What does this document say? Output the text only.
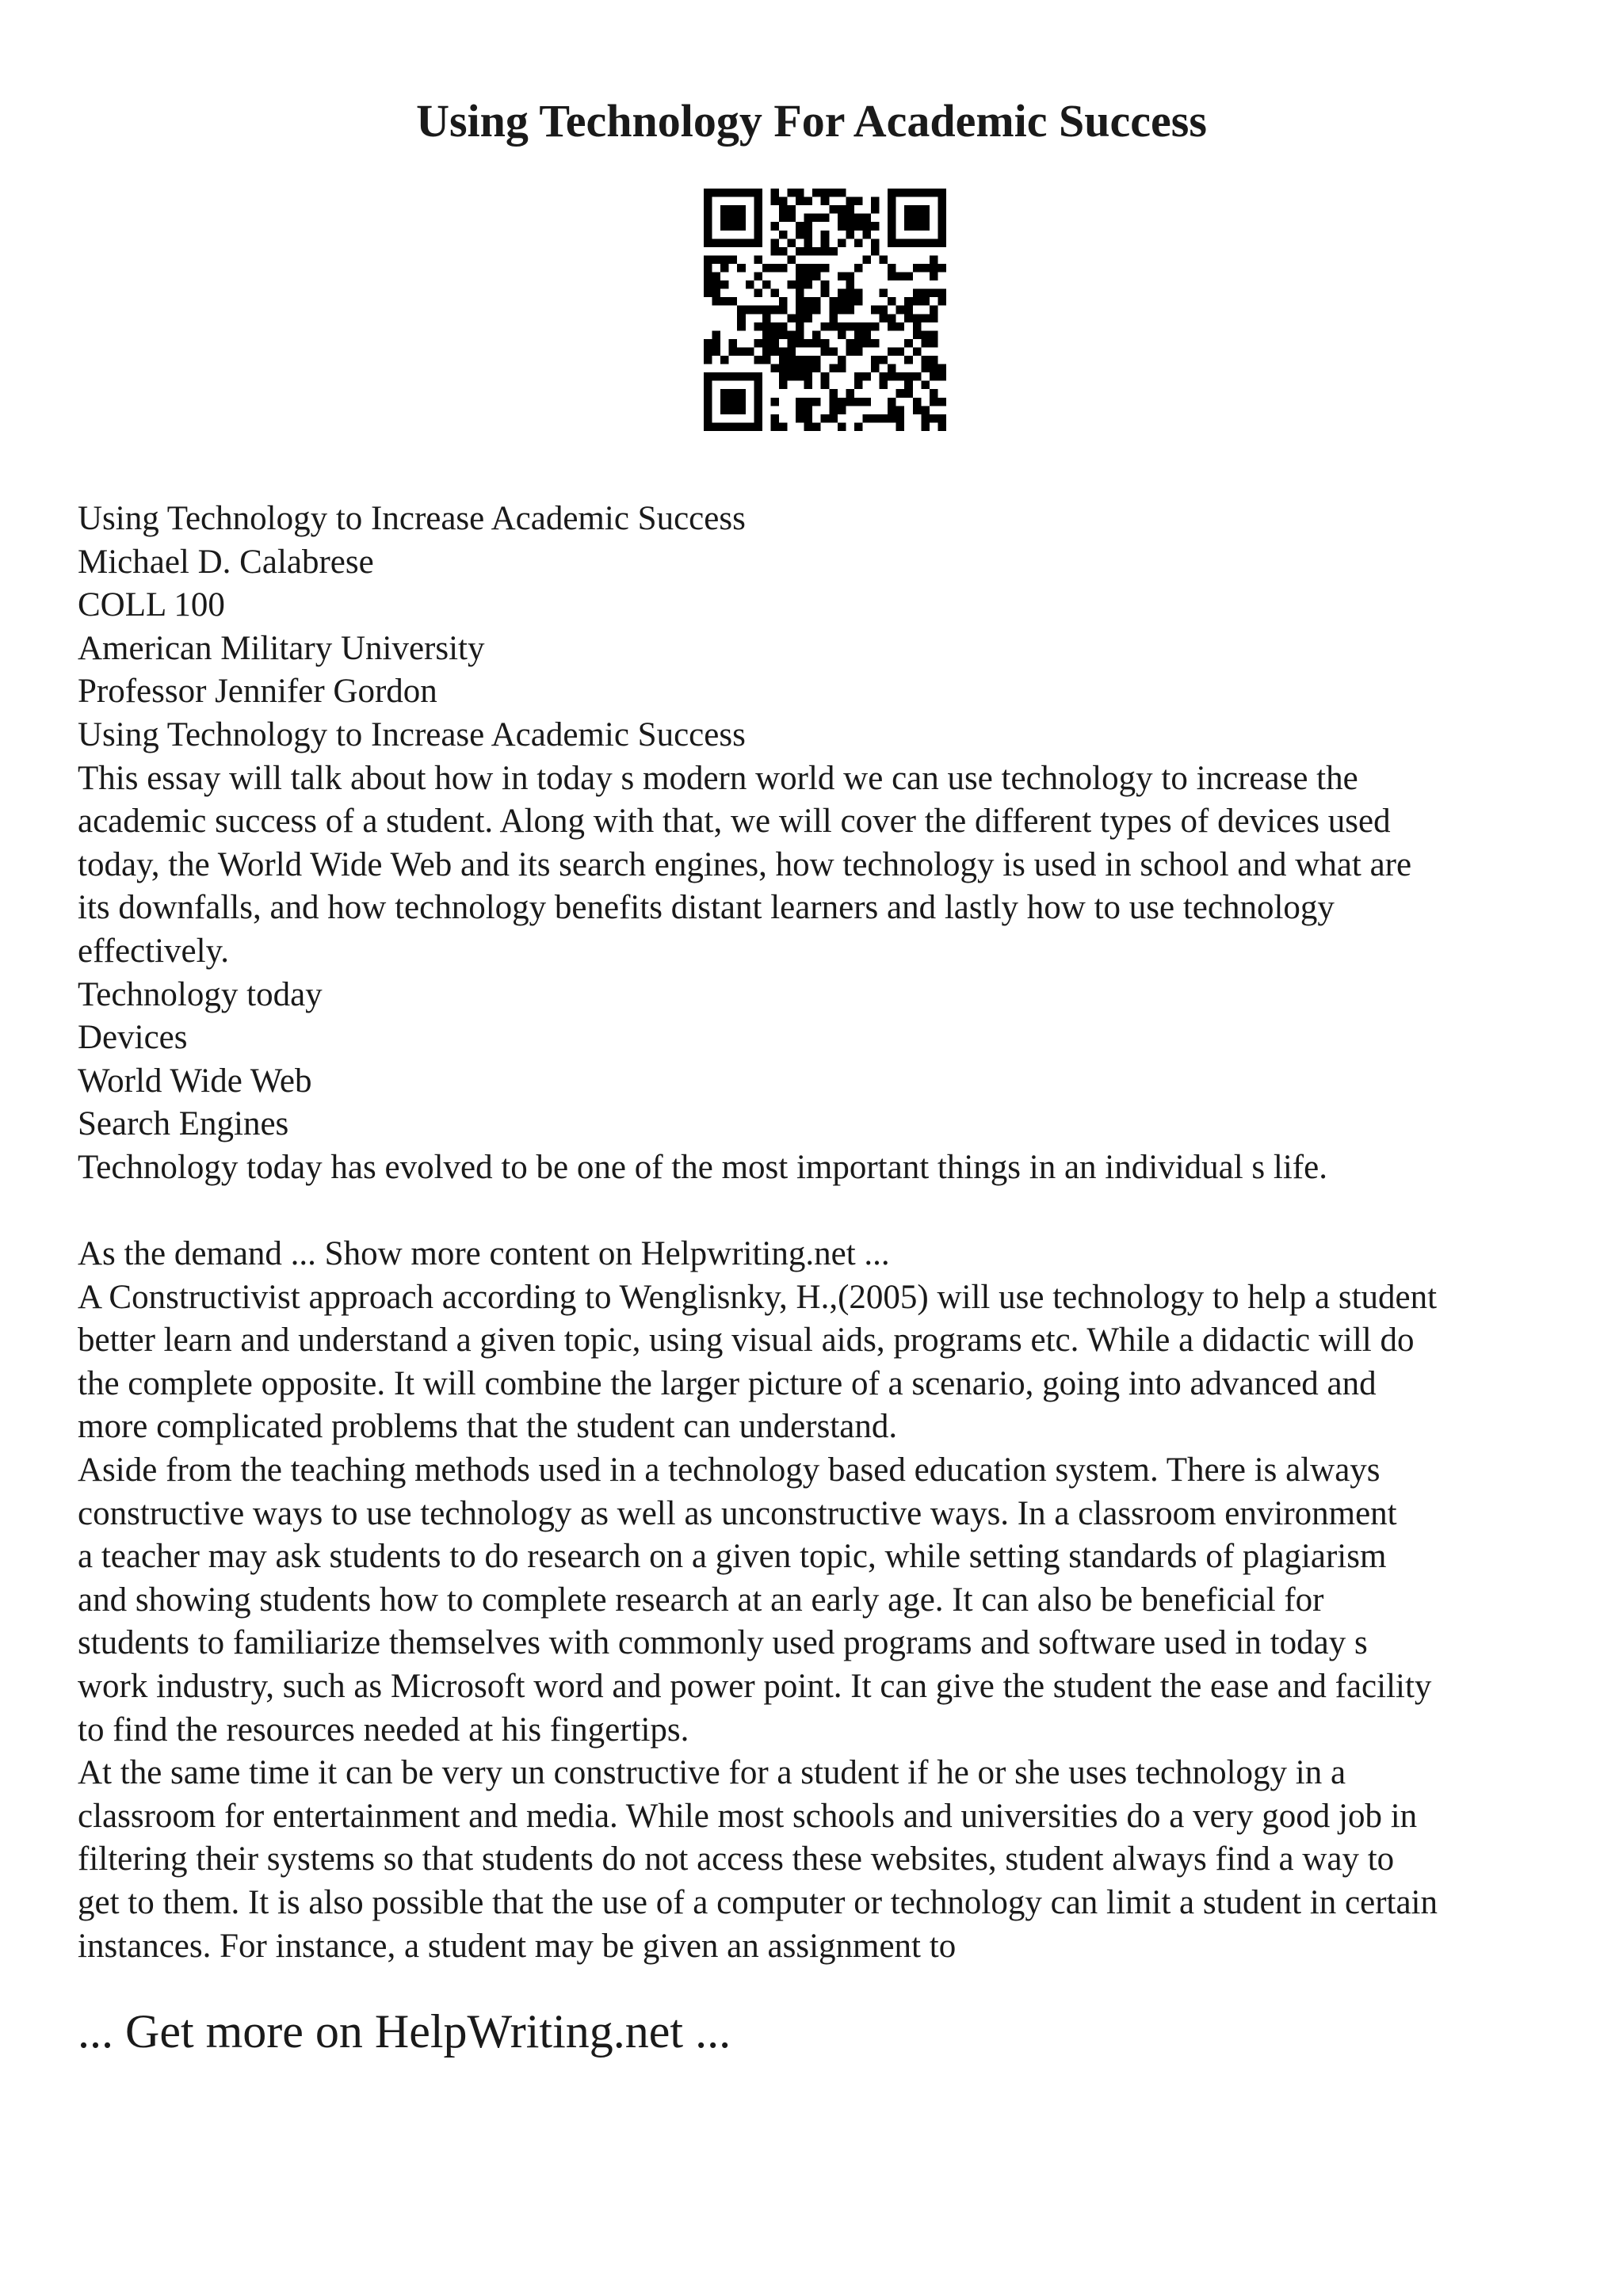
Using Technology For Academic Success
Using Technology to Increase Academic Success
Michael D. Calabrese
COLL 100
American Military University
Professor Jennifer Gordon
Using Technology to Increase Academic Success
This essay will talk about how in today s modern world we can use technology to increase the
academic success of a student. Along with that, we will cover the different types of devices used
today, the World Wide Web and its search engines, how technology is used in school and what are
its downfalls, and how technology benefits distant learners and lastly how to use technology
effectively.
Technology today
Devices
World Wide Web
Search Engines
Technology today has evolved to be one of the most important things in an individual s life.
As the demand ... Show more content on Helpwriting.net ...
A Constructivist approach according to Wenglisnky, H.,(2005) will use technology to help a student
better learn and understand a given topic, using visual aids, programs etc. While a didactic will do
the complete opposite. It will combine the larger picture of a scenario, going into advanced and
more complicated problems that the student can understand.
Aside from the teaching methods used in a technology based education system. There is always
constructive ways to use technology as well as unconstructive ways. In a classroom environment
a teacher may ask students to do research on a given topic, while setting standards of plagiarism
and showing students how to complete research at an early age. It can also be beneficial for
students to familiarize themselves with commonly used programs and software used in today s
work industry, such as Microsoft word and power point. It can give the student the ease and facility
to find the resources needed at his fingertips.
At the same time it can be very un constructive for a student if he or she uses technology in a
classroom for entertainment and media. While most schools and universities do a very good job in
filtering their systems so that students do not access these websites, student always find a way to
get to them. It is also possible that the use of a computer or technology can limit a student in certain
instances. For instance, a student may be given an assignment to
... Get more on HelpWriting.net ...
